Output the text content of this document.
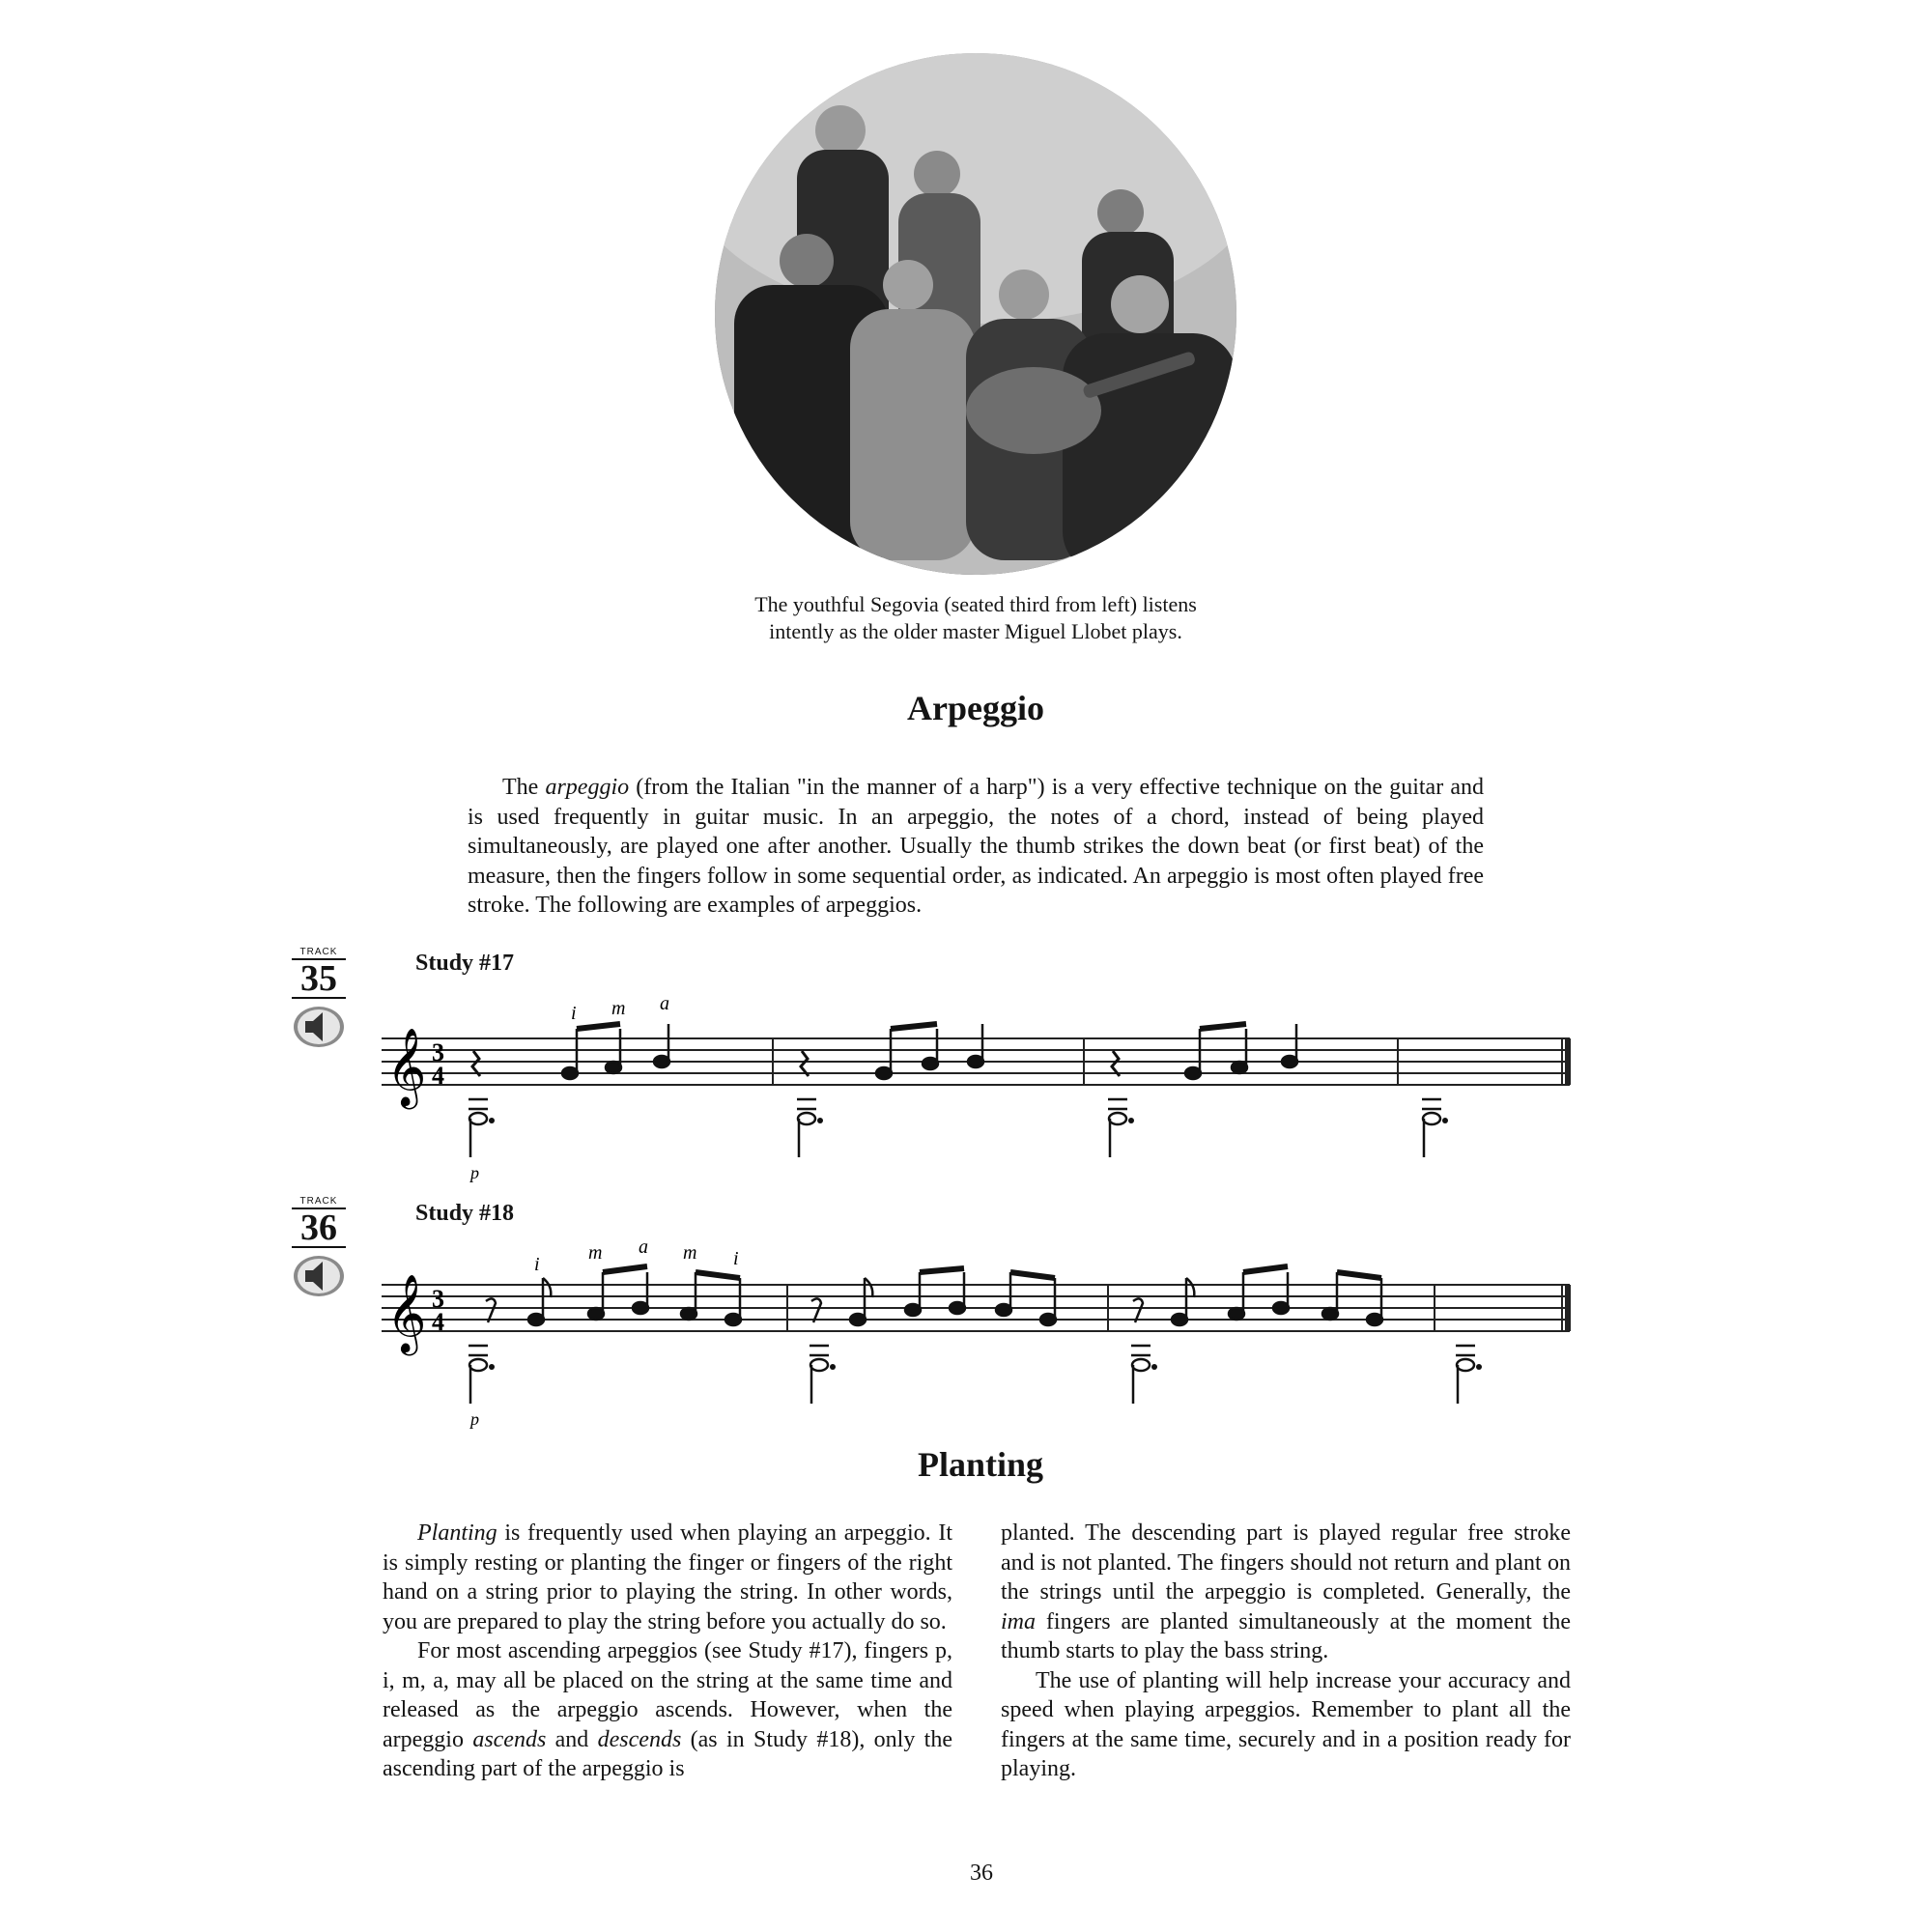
The youthful Segovia (seated third from left) listens
intently as the older master Miguel Llobet plays.
Arpeggio

The arpeggio (from the Italian "in the manner of a harp") is a very effective technique on the guitar and is used frequently in guitar music. In an arpeggio, the notes of a chord, instead of being played simultaneously, are played one after another. Usually the thumb strikes the down beat (or first beat) of the measure, then the fingers follow in some sequential order, as indicated. An arpeggio is most often played free stroke. The following are examples of arpeggios.

TRACK
35	Study #17
𝄞 3
4
i m a
p
TRACK
36	Study #18
𝄞 3
4
i
m a m i
p
Planting

Planting is frequently used when playing an arpeggio. It is simply resting or planting the finger or fingers of the right hand on a string prior to playing the string. In other words, you are prepared to play the string before you actually do so.

For most ascending arpeggios (see Study #17), fingers p, i, m, a, may all be placed on the string at the same time and released as the arpeggio ascends. However, when the arpeggio ascends and descends (as in Study #18), only the ascending part of the arpeggio is

planted. The descending part is played regular free stroke and is not planted. The fingers should not return and plant on the strings until the arpeggio is completed. Generally, the ima fingers are planted simultaneously at the moment the thumb starts to play the bass string.

The use of planting will help increase your accuracy and speed when playing arpeggios. Remember to plant all the fingers at the same time, securely and in a position ready for playing.

36
